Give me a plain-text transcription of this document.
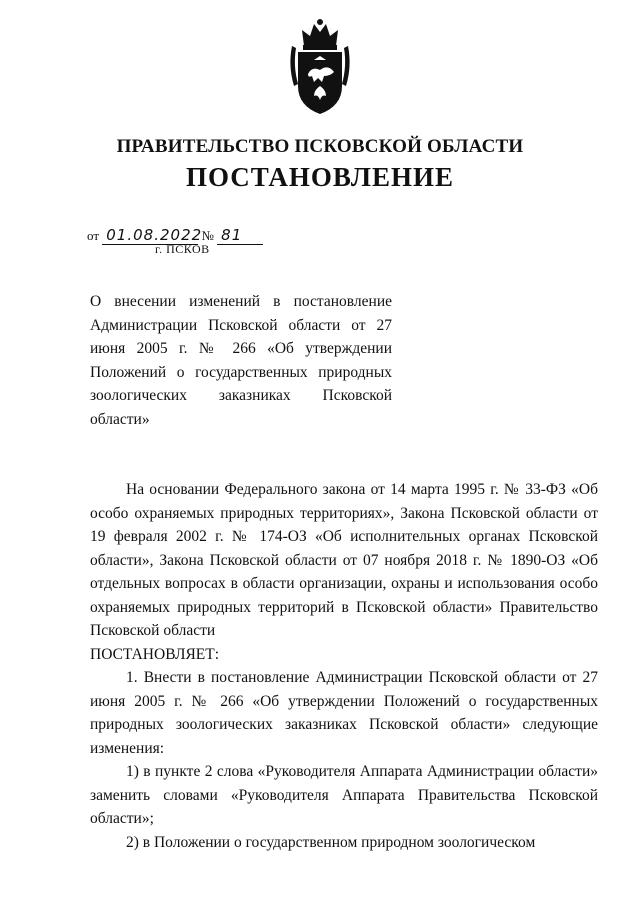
ПРАВИТЕЛЬСТВО ПСКОВСКОЙ ОБЛАСТИ
ПОСТАНОВЛЕНИЕ
от 01.08.2022 № 81
г. ПСКОВ
О внесении изменений в постановление Администрации Псковской области от 27 июня 2005 г. № 266 «Об утверждении Положений о государственных природных зоологических заказниках Псковской области»

На основании Федерального закона от 14 марта 1995 г. № 33-ФЗ «Об особо охраняемых природных территориях», Закона Псковской области от 19 февраля 2002 г. № 174-ОЗ «Об исполнительных органах Псковской области», Закона Псковской области от 07 ноября 2018 г. № 1890-ОЗ «Об отдельных вопросах в области организации, охраны и использования особо охраняемых природных территорий в Псковской области» Правительство Псковской области

ПОСТАНОВЛЯЕТ:

1. Внести в постановление Администрации Псковской области от 27 июня 2005 г. № 266 «Об утверждении Положений о государственных природных зоологических заказниках Псковской области» следующие изменения:

1) в пункте 2 слова «Руководителя Аппарата Администрации области» заменить словами «Руководителя Аппарата Правительства Псковской области»;

2) в Положении о государственном природном зоологическом
